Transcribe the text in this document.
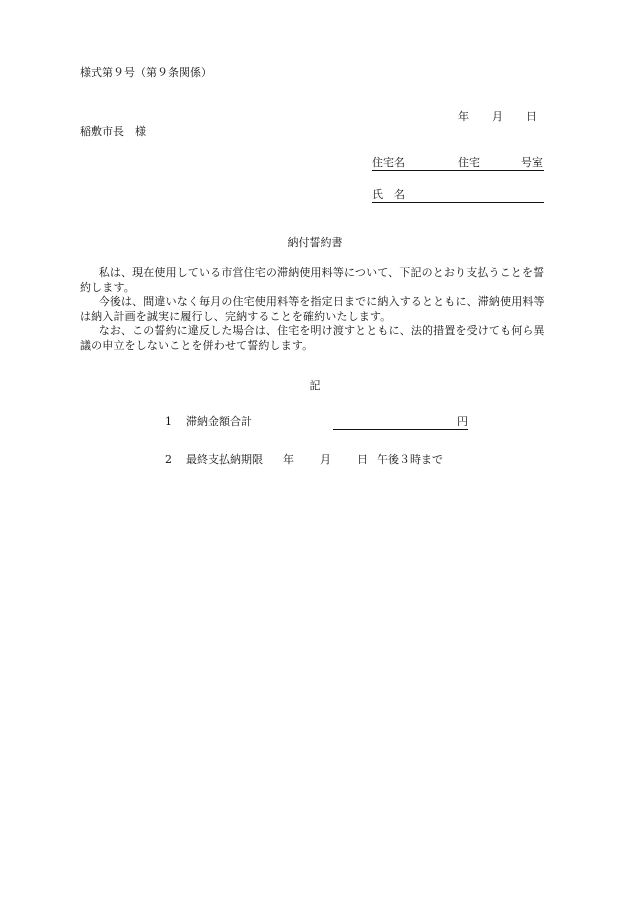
様式第９号（第９条関係）
年 月 日
稲敷市長　様
住宅名	住宅	号室
氏　名
納付誓約書

私は、現在使用している市営住宅の滞納使用料等について、下記のとおり支払うことを誓約します。

今後は、間違いなく毎月の住宅使用料等を指定日までに納入するとともに、滞納使用料等は納入計画を誠実に履行し、完納することを確約いたします。

なお、この誓約に違反した場合は、住宅を明け渡すとともに、法的措置を受けても何ら異議の申立をしないことを併わせて誓約します。

記
1 滞納金額合計	円
2 最終支払納期限 年 月 日 午後３時まで
